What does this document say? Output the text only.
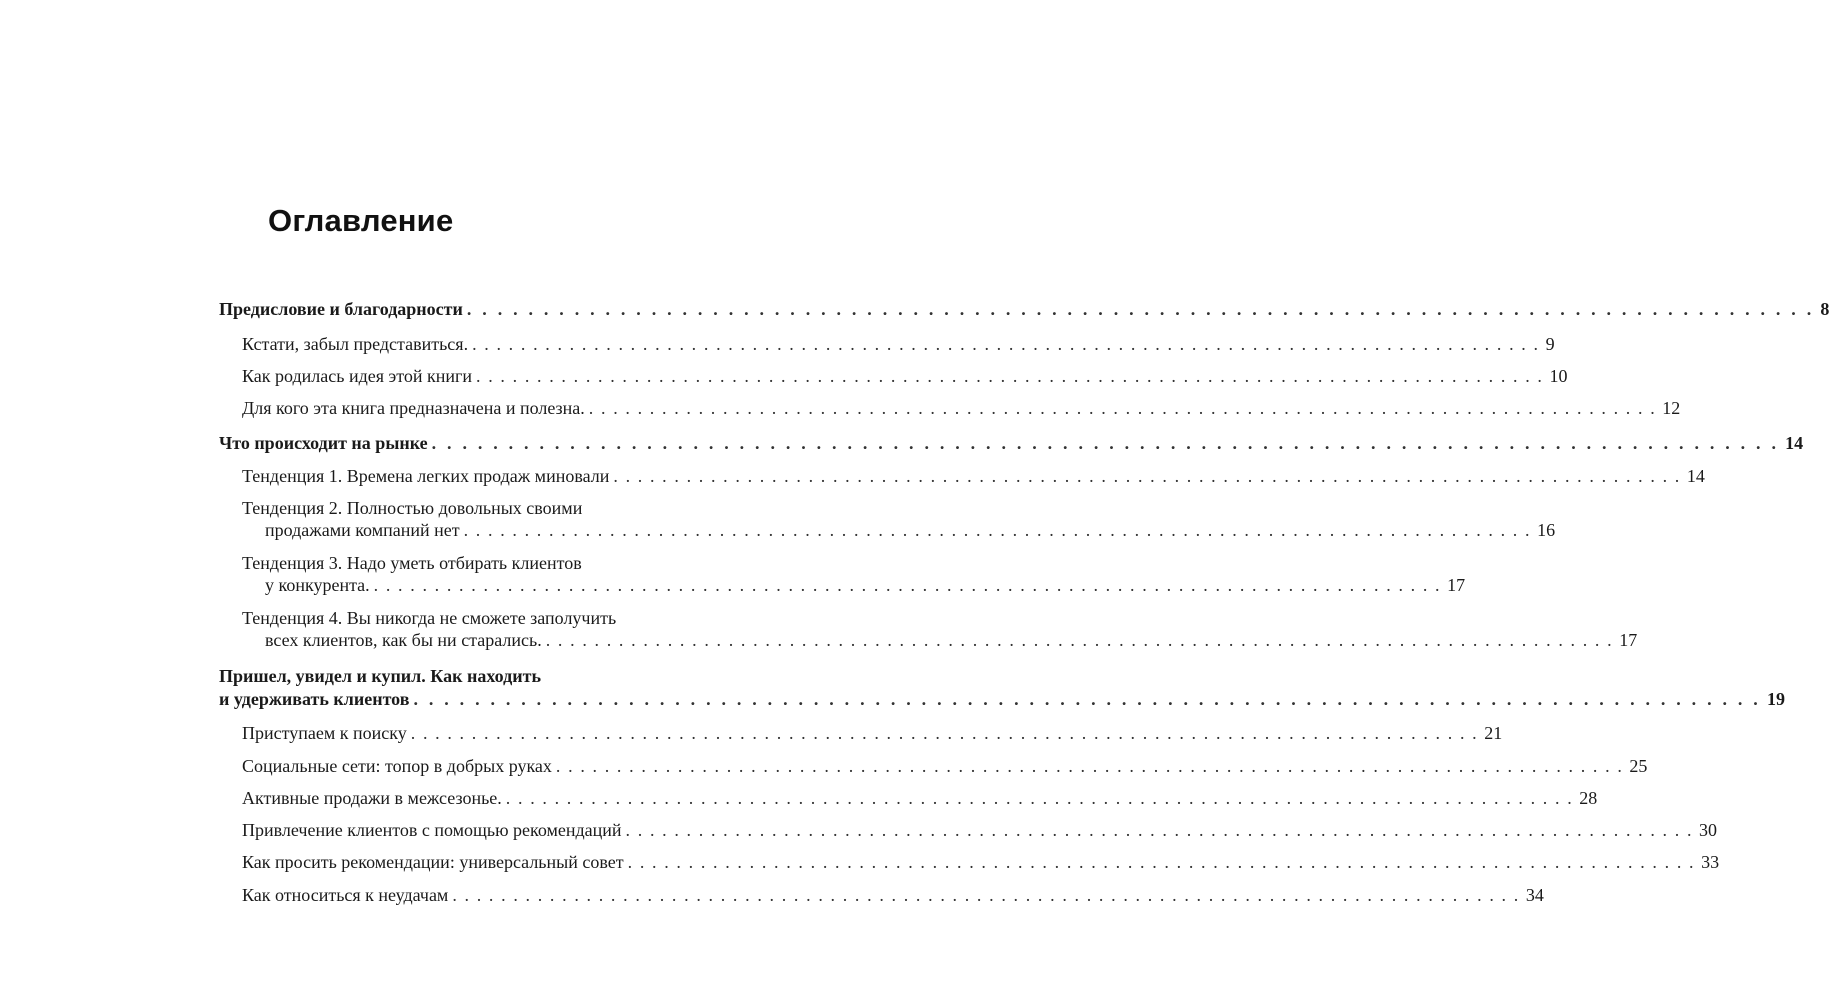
Оглавление
Предисловие и благодарности . . . . . . . . . . . . . . . . . . . . . . . . . . . . . . . . . . . . . . . . . . . . . . . . . . . . . . . . . . . . . . . . . . . . . . . . . . . . . . . . . . . . . . . . 8
Кстати, забыл представиться. . . . . . . . . . . . . . . . . . . . . . . . . . . . . . . . . . . . . . . . . . . . . . . . . . . . . . . . . . . . . . . . . . . . . . . . . . . . . . . . . . . . . . . . . 9
Как родилась идея этой книги . . . . . . . . . . . . . . . . . . . . . . . . . . . . . . . . . . . . . . . . . . . . . . . . . . . . . . . . . . . . . . . . . . . . . . . . . . . . . . . . . . . . . . . . 10
Для кого эта книга предназначена и полезна. . . . . . . . . . . . . . . . . . . . . . . . . . . . . . . . . . . . . . . . . . . . . . . . . . . . . . . . . . . . . . . . . . . . . . . . . . . . . . . . . . . . . . . . . 12
Что происходит на рынке . . . . . . . . . . . . . . . . . . . . . . . . . . . . . . . . . . . . . . . . . . . . . . . . . . . . . . . . . . . . . . . . . . . . . . . . . . . . . . . . . . . . . . . . 14
Тенденция 1. Времена легких продаж миновали . . . . . . . . . . . . . . . . . . . . . . . . . . . . . . . . . . . . . . . . . . . . . . . . . . . . . . . . . . . . . . . . . . . . . . . . . . . . . . . . . . . . . . . . 14
Тенденция 2. Полностью довольных своими
продажами компаний нет . . . . . . . . . . . . . . . . . . . . . . . . . . . . . . . . . . . . . . . . . . . . . . . . . . . . . . . . . . . . . . . . . . . . . . . . . . . . . . . . . . . . . . . . 16
Тенденция 3. Надо уметь отбирать клиентов
у конкурента. . . . . . . . . . . . . . . . . . . . . . . . . . . . . . . . . . . . . . . . . . . . . . . . . . . . . . . . . . . . . . . . . . . . . . . . . . . . . . . . . . . . . . . . . 17
Тенденция 4. Вы никогда не сможете заполучить
всех клиентов, как бы ни старались. . . . . . . . . . . . . . . . . . . . . . . . . . . . . . . . . . . . . . . . . . . . . . . . . . . . . . . . . . . . . . . . . . . . . . . . . . . . . . . . . . . . . . . . . 17
Пришел, увидел и купил. Как находить
и удерживать клиентов . . . . . . . . . . . . . . . . . . . . . . . . . . . . . . . . . . . . . . . . . . . . . . . . . . . . . . . . . . . . . . . . . . . . . . . . . . . . . . . . . . . . . . . . 19
Приступаем к поиску . . . . . . . . . . . . . . . . . . . . . . . . . . . . . . . . . . . . . . . . . . . . . . . . . . . . . . . . . . . . . . . . . . . . . . . . . . . . . . . . . . . . . . . . 21
Социальные сети: топор в добрых руках . . . . . . . . . . . . . . . . . . . . . . . . . . . . . . . . . . . . . . . . . . . . . . . . . . . . . . . . . . . . . . . . . . . . . . . . . . . . . . . . . . . . . . . . 25
Активные продажи в межсезонье. . . . . . . . . . . . . . . . . . . . . . . . . . . . . . . . . . . . . . . . . . . . . . . . . . . . . . . . . . . . . . . . . . . . . . . . . . . . . . . . . . . . . . . . . 28
Привлечение клиентов с помощью рекомендаций . . . . . . . . . . . . . . . . . . . . . . . . . . . . . . . . . . . . . . . . . . . . . . . . . . . . . . . . . . . . . . . . . . . . . . . . . . . . . . . . . . . . . . . . 30
Как просить рекомендации: универсальный совет . . . . . . . . . . . . . . . . . . . . . . . . . . . . . . . . . . . . . . . . . . . . . . . . . . . . . . . . . . . . . . . . . . . . . . . . . . . . . . . . . . . . . . . . 33
Как относиться к неудачам . . . . . . . . . . . . . . . . . . . . . . . . . . . . . . . . . . . . . . . . . . . . . . . . . . . . . . . . . . . . . . . . . . . . . . . . . . . . . . . . . . . . . . . . 34
